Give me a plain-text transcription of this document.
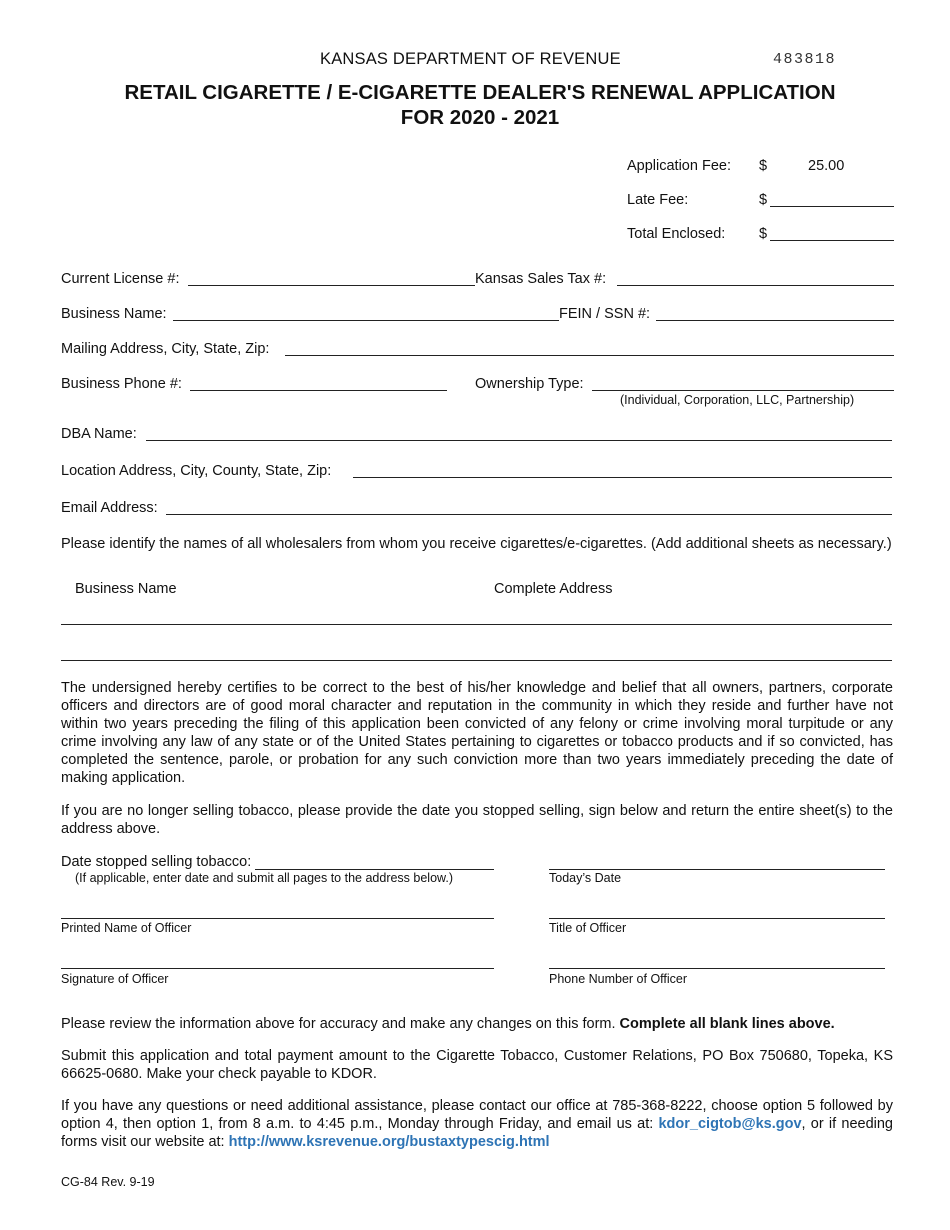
KANSAS DEPARTMENT OF REVENUE	483818
RETAIL CIGARETTE / E-CIGARETTE DEALER'S RENEWAL APPLICATION
FOR 2020 - 2021
Application Fee: $	25.00
Late Fee:	$
Total Enclosed: $
Current License #:	Kansas Sales Tax #:
Business Name:	FEIN / SSN #:
Mailing Address, City, State, Zip:
Business Phone #:	Ownership Type:
(Individual, Corporation, LLC, Partnership)
DBA Name:
Location Address, City, County, State, Zip:
Email Address:
Please identify the names of all wholesalers from whom you receive cigarettes/e-cigarettes. (Add additional sheets as necessary.)
Business Name	Complete Address
The undersigned hereby certifies to be correct to the best of his/her knowledge and belief that all owners, partners, corporate officers and directors are of good moral character and reputation in the community in which they reside and further have not within two years preceding the filing of this application been convicted of any felony or crime involving moral turpitude or any crime involving any law of any state or of the United States pertaining to cigarettes or tobacco products and if so convicted, has completed the sentence, parole, or probation for any such conviction more than two years immediately preceding the date of making application.
If you are no longer selling tobacco, please provide the date you stopped selling, sign below and return the entire sheet(s) to the address above.
Date stopped selling tobacco:
(If applicable, enter date and submit all pages to the address below.)	Today’s Date
Printed Name of Officer	Title of Officer
Signature of Officer	Phone Number of Officer
Please review the information above for accuracy and make any changes on this form. Complete all blank lines above.
Submit this application and total payment amount to the Cigarette Tobacco, Customer Relations, PO Box 750680, Topeka, KS 66625-0680. Make your check payable to KDOR.
If you have any questions or need additional assistance, please contact our office at 785-368-8222, choose option 5 followed by option 4, then option 1, from 8 a.m. to 4:45 p.m., Monday through Friday, and email us at: kdor_cigtob@ks.gov, or if needing forms visit our website at: http://www.ksrevenue.org/bustaxtypescig.html
CG-84 Rev. 9-19
